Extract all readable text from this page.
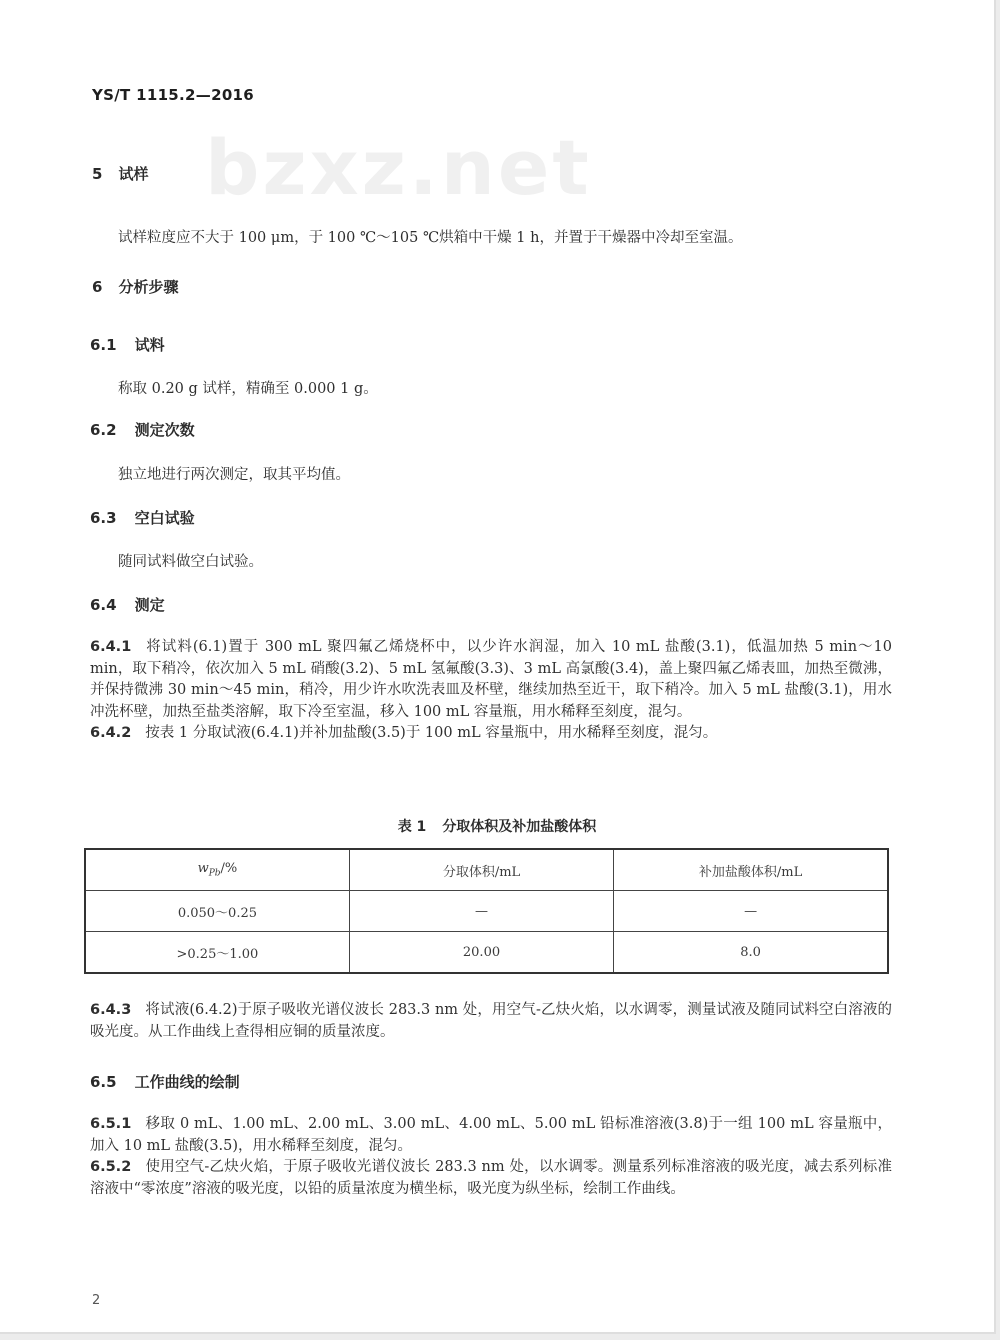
YS/T 1115.2—2016
bzxz.net
5 试样
试样粒度应不大于 100 μm，于 100 ℃～105 ℃烘箱中干燥 1 h，并置于干燥器中冷却至室温。
6 分析步骤
6.1 试料
称取 0.20 g 试样，精确至 0.000 1 g。
6.2 测定次数
独立地进行两次测定，取其平均值。
6.3 空白试验
随同试料做空白试验。
6.4 测定

6.4.1 将试料(6.1)置于 300 mL 聚四氟乙烯烧杯中，以少许水润湿，加入 10 mL 盐酸(3.1)，低温加热 5 min～10 min，取下稍冷，依次加入 5 mL 硝酸(3.2)、5 mL 氢氟酸(3.3)、3 mL 高氯酸(3.4)，盖上聚四氟乙烯表皿，加热至微沸，并保持微沸 30 min～45 min，稍冷，用少许水吹洗表皿及杯壁，继续加热至近干，取下稍冷。加入 5 mL 盐酸(3.1)，用水冲洗杯壁，加热至盐类溶解，取下冷至室温，移入 100 mL 容量瓶，用水稀释至刻度，混匀。

6.4.2 按表 1 分取试液(6.4.1)并补加盐酸(3.5)于 100 mL 容量瓶中，用水稀释至刻度，混匀。

表 1 分取体积及补加盐酸体积
$w_{Pb}/\%$	分取体积/mL	补加盐酸体积/mL
0.050～0.25	—	—
>0.25～1.00	20.00	8.0

6.4.3 将试液(6.4.2)于原子吸收光谱仪波长 283.3 nm 处，用空气-乙炔火焰，以水调零，测量试液及随同试料空白溶液的吸光度。从工作曲线上查得相应铜的质量浓度。

6.5 工作曲线的绘制

6.5.1 移取 0 mL、1.00 mL、2.00 mL、3.00 mL、4.00 mL、5.00 mL 铅标准溶液(3.8)于一组 100 mL 容量瓶中，加入 10 mL 盐酸(3.5)，用水稀释至刻度，混匀。

6.5.2 使用空气-乙炔火焰，于原子吸收光谱仪波长 283.3 nm 处，以水调零。测量系列标准溶液的吸光度，减去系列标准溶液中“零浓度”溶液的吸光度，以铅的质量浓度为横坐标，吸光度为纵坐标，绘制工作曲线。

2
